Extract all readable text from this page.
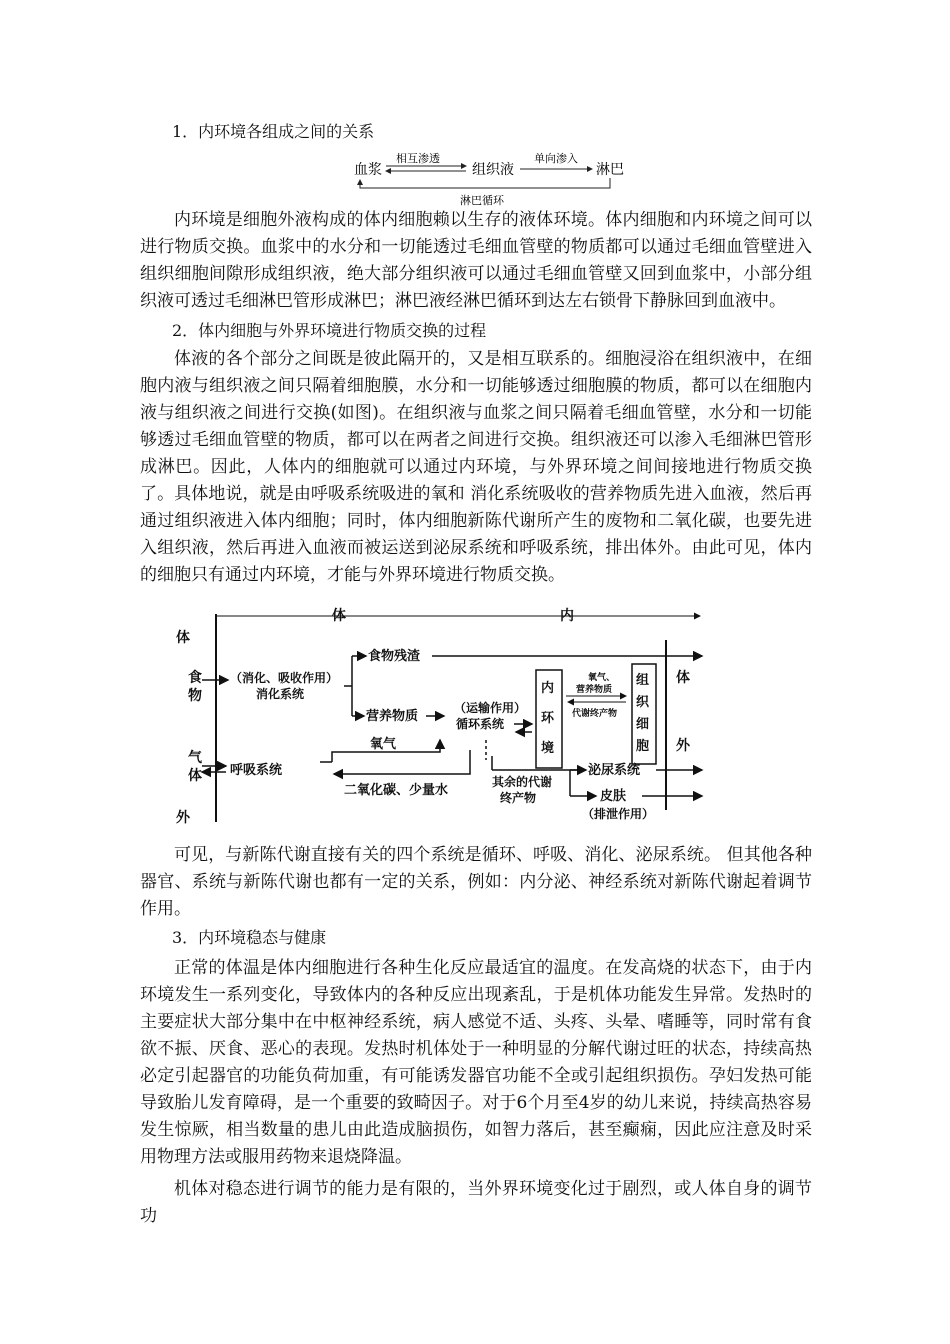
1．内环境各组成之间的关系

血浆
相互渗透
组织液
单向渗入
淋巴
淋巴循环

内环境是细胞外液构成的体内细胞赖以生存的液体环境。体内细胞和内环境之间可以进行物质交换。血浆中的水分和一切能透过毛细血管壁的物质都可以通过毛细血管壁进入组织细胞间隙形成组织液，绝大部分组织液可以通过毛细血管壁又回到血浆中，小部分组织液可透过毛细淋巴管形成淋巴；淋巴液经淋巴循环到达左右锁骨下静脉回到血液中。

2．体内细胞与外界环境进行物质交换的过程

体液的各个部分之间既是彼此隔开的，又是相互联系的。细胞浸浴在组织液中，在细胞内液与组织液之间只隔着细胞膜，水分和一切能够透过细胞膜的物质，都可以在细胞内液与组织液之间进行交换(如图)。在组织液与血浆之间只隔着毛细血管壁，水分和一切能够透过毛细血管壁的物质，都可以在两者之间进行交换。组织液还可以渗入毛细淋巴管形成淋巴。因此，人体内的细胞就可以通过内环境，与外界环境之间间接地进行物质交换了。具体地说，就是由呼吸系统吸进的氧和 消化系统吸收的营养物质先进入血液，然后再通过组织液进入体内细胞；同时，体内细胞新陈代谢所产生的废物和二氧化碳，也要先进入组织液，然后再进入血液而被运送到泌尿系统和呼吸系统，排出体外。由此可见，体内的细胞只有通过内环境，才能与外界环境进行物质交换。

体	内
体
食
物
气
体
外
体
外
（消化、吸收作用）
消化系统
食物残渣
营养物质
（运输作用）
循环系统
内
环
境
氧气、
营养物质
代谢终产物
组
织
细
胞
呼吸系统
氧气
二氧化碳、少量水
其余的代谢
终产物
泌尿系统
皮肤
（排泄作用）

可见，与新陈代谢直接有关的四个系统是循环、呼吸、消化、泌尿系统。 但其他各种器官、系统与新陈代谢也都有一定的关系，例如：内分泌、神经系统对新陈代谢起着调节作用。

3．内环境稳态与健康

正常的体温是体内细胞进行各种生化反应最适宜的温度。在发高烧的状态下，由于内环境发生一系列变化，导致体内的各种反应出现紊乱，于是机体功能发生异常。发热时的主要症状大部分集中在中枢神经系统，病人感觉不适、头疼、头晕、嗜睡等，同时常有食欲不振、厌食、恶心的表现。发热时机体处于一种明显的分解代谢过旺的状态，持续高热必定引起器官的功能负荷加重，有可能诱发器官功能不全或引起组织损伤。孕妇发热可能导致胎儿发育障碍，是一个重要的致畸因子。对于6个月至4岁的幼儿来说，持续高热容易发生惊厥，相当数量的患儿由此造成脑损伤，如智力落后，甚至癫痫，因此应注意及时采用物理方法或服用药物来退烧降温。

机体对稳态进行调节的能力是有限的，当外界环境变化过于剧烈，或人体自身的调节功
